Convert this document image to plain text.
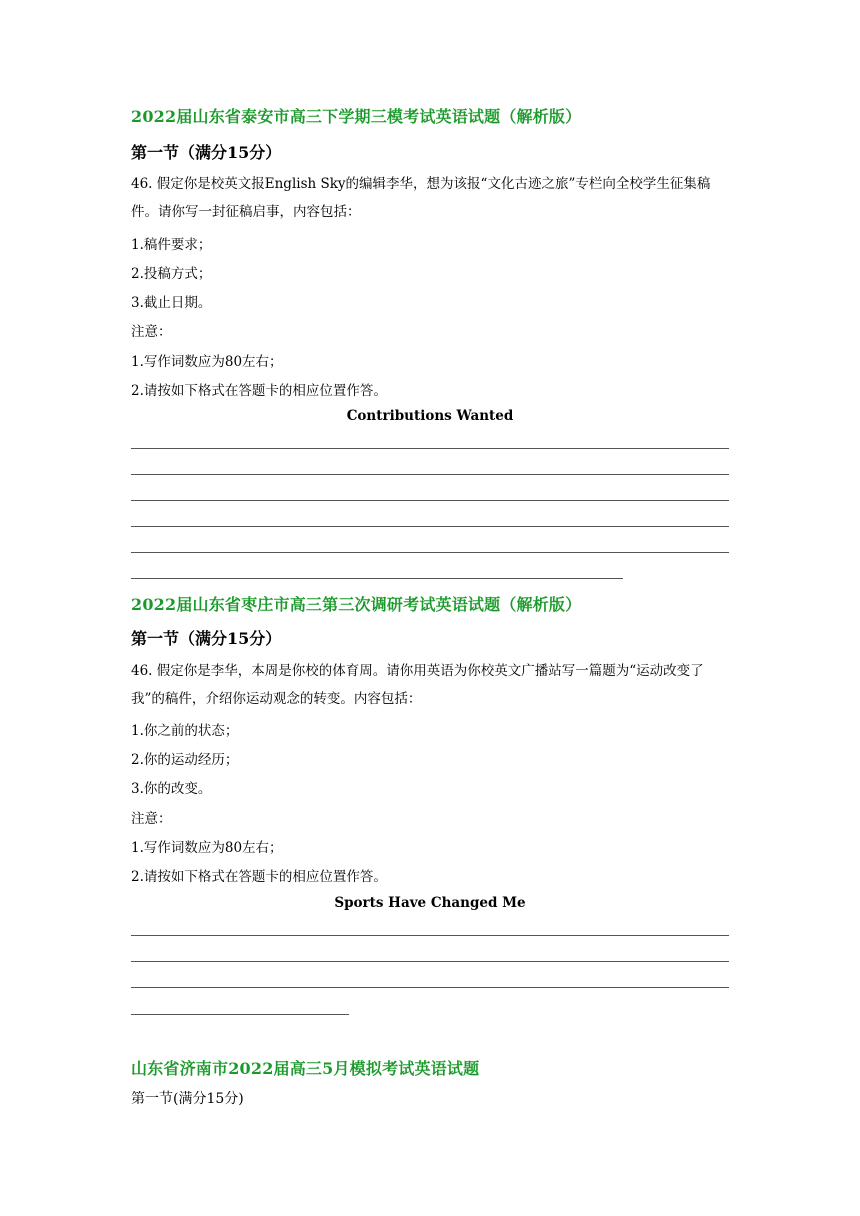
2022届山东省泰安市高三下学期三模考试英语试题（解析版）
第一节（满分15分）
46. 假定你是校英文报English Sky的编辑李华，想为该报“文化古迹之旅”专栏向全校学生征集稿件。请你写一封征稿启事，内容包括：
1.稿件要求；
2.投稿方式；
3.截止日期。
注意：
1.写作词数应为80左右；
2.请按如下格式在答题卡的相应位置作答。
Contributions Wanted
2022届山东省枣庄市高三第三次调研考试英语试题（解析版）
第一节（满分15分）
46. 假定你是李华，本周是你校的体育周。请你用英语为你校英文广播站写一篇题为“运动改变了我”的稿件，介绍你运动观念的转变。内容包括：
1.你之前的状态；
2.你的运动经历；
3.你的改变。
注意：
1.写作词数应为80左右；
2.请按如下格式在答题卡的相应位置作答。
Sports Have Changed Me
山东省济南市2022届高三5月模拟考试英语试题
第一节(满分15分)
